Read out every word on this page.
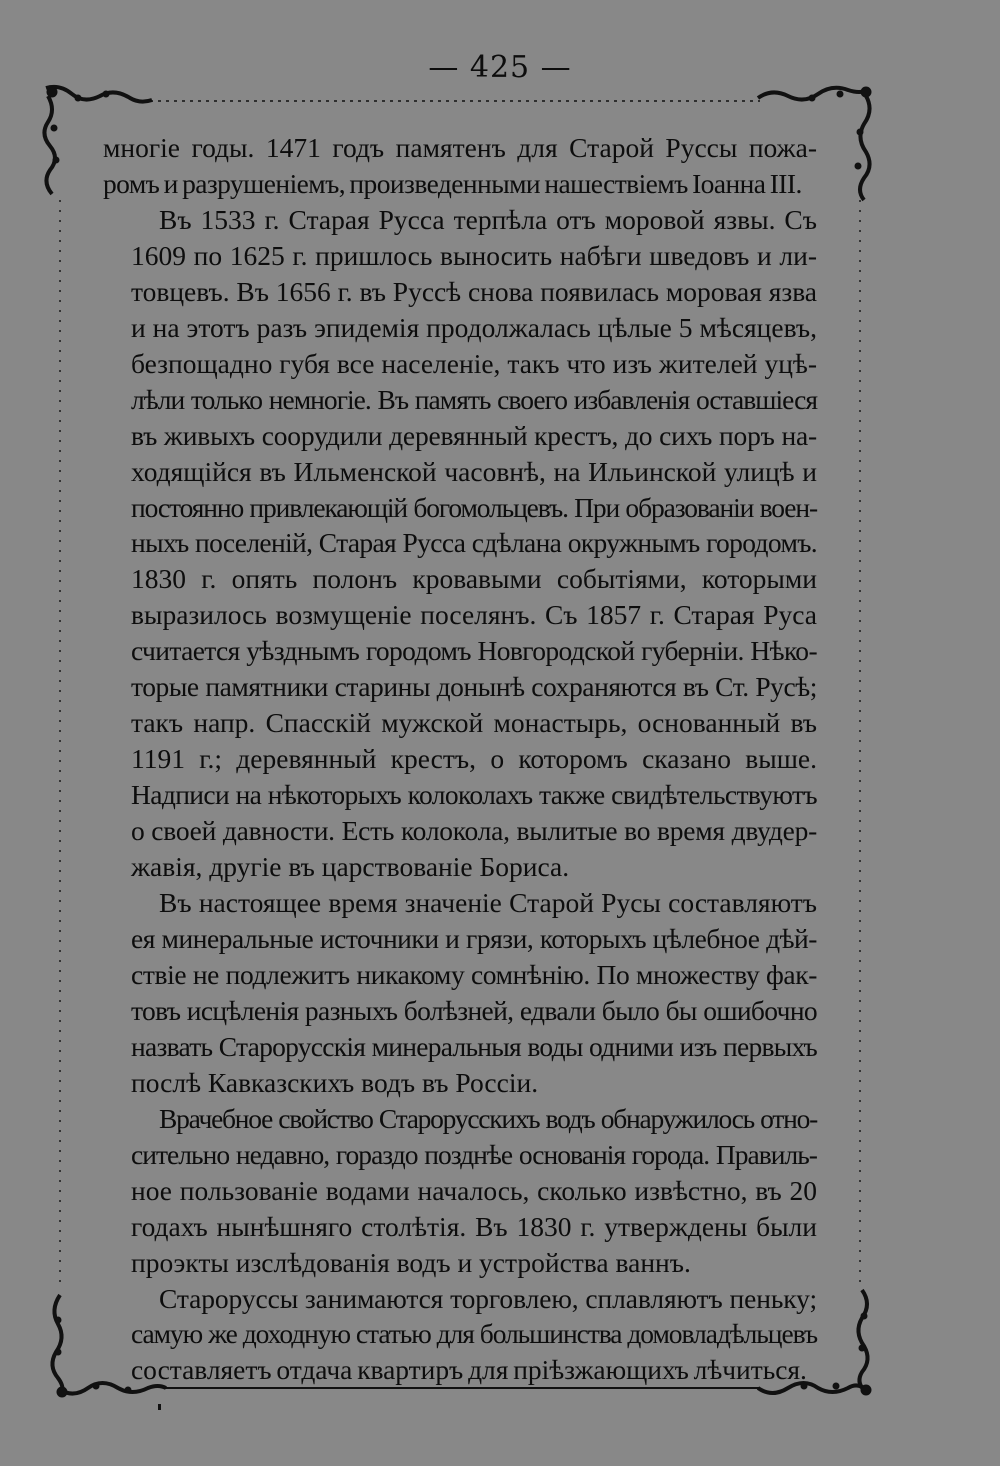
— 425 —

многіе годы. 1471 годъ памятенъ для Старой Руссы пожа-
ромъ и разрушеніемъ, произведенными нашествіемъ Іоанна III.

Въ 1533 г. Старая Русса терпѣла отъ моровой язвы. Съ
1609 по 1625 г. пришлось выносить набѣги шведовъ и ли-
товцевъ. Въ 1656 г. въ Руссѣ снова появилась моровая язва
и на этотъ разъ эпидемія продолжалась цѣлые 5 мѣсяцевъ,
безпощадно губя все населеніе, такъ что изъ жителей уцѣ-
лѣли только немногіе. Въ память своего избавленія оставшіеся
въ живыхъ соорудили деревянный крестъ, до сихъ поръ на-
ходящійся въ Ильменской часовнѣ, на Ильинской улицѣ и
постоянно привлекающій богомольцевъ. При образованіи воен-
ныхъ поселеній, Старая Русса сдѣлана окружнымъ городомъ.
1830 г. опять полонъ кровавыми событіями, которыми
выразилось возмущеніе поселянъ. Съ 1857 г. Старая Руса
считается уѣзднымъ городомъ Новгородской губерніи. Нѣко-
торые памятники старины донынѣ сохраняются въ Ст. Русѣ;
такъ напр. Спасскій мужской монастырь, основанный въ
1191 г.; деревянный крестъ, о которомъ сказано выше.
Надписи на нѣкоторыхъ колоколахъ также свидѣтельствуютъ
о своей давности. Есть колокола, вылитые во время двудер-
жавія, другіе въ царствованіе Бориса.

Въ настоящее время значеніе Старой Русы составляютъ
ея минеральные источники и грязи, которыхъ цѣлебное дѣй-
ствіе не подлежитъ никакому сомнѣнію. По множеству фак-
товъ исцѣленія разныхъ болѣзней, едвали было бы ошибочно
назвать Старорусскія минеральныя воды одними изъ первыхъ
послѣ Кавказскихъ водъ въ Россіи.

Врачебное свойство Старорусскихъ водъ обнаружилось отно-
сительно недавно, гораздо позднѣе основанія города. Правиль-
ное пользованіе водами началось, сколько извѣстно, въ 20
годахъ нынѣшняго столѣтія. Въ 1830 г. утверждены были
проэкты изслѣдованія водъ и устройства ваннъ.

Старорусcы занимаются торговлею, сплавляютъ пеньку;
самую же доходную статью для большинства домовладѣльцевъ
составляетъ отдача квартиръ для пріѣзжающихъ лѣчиться.
